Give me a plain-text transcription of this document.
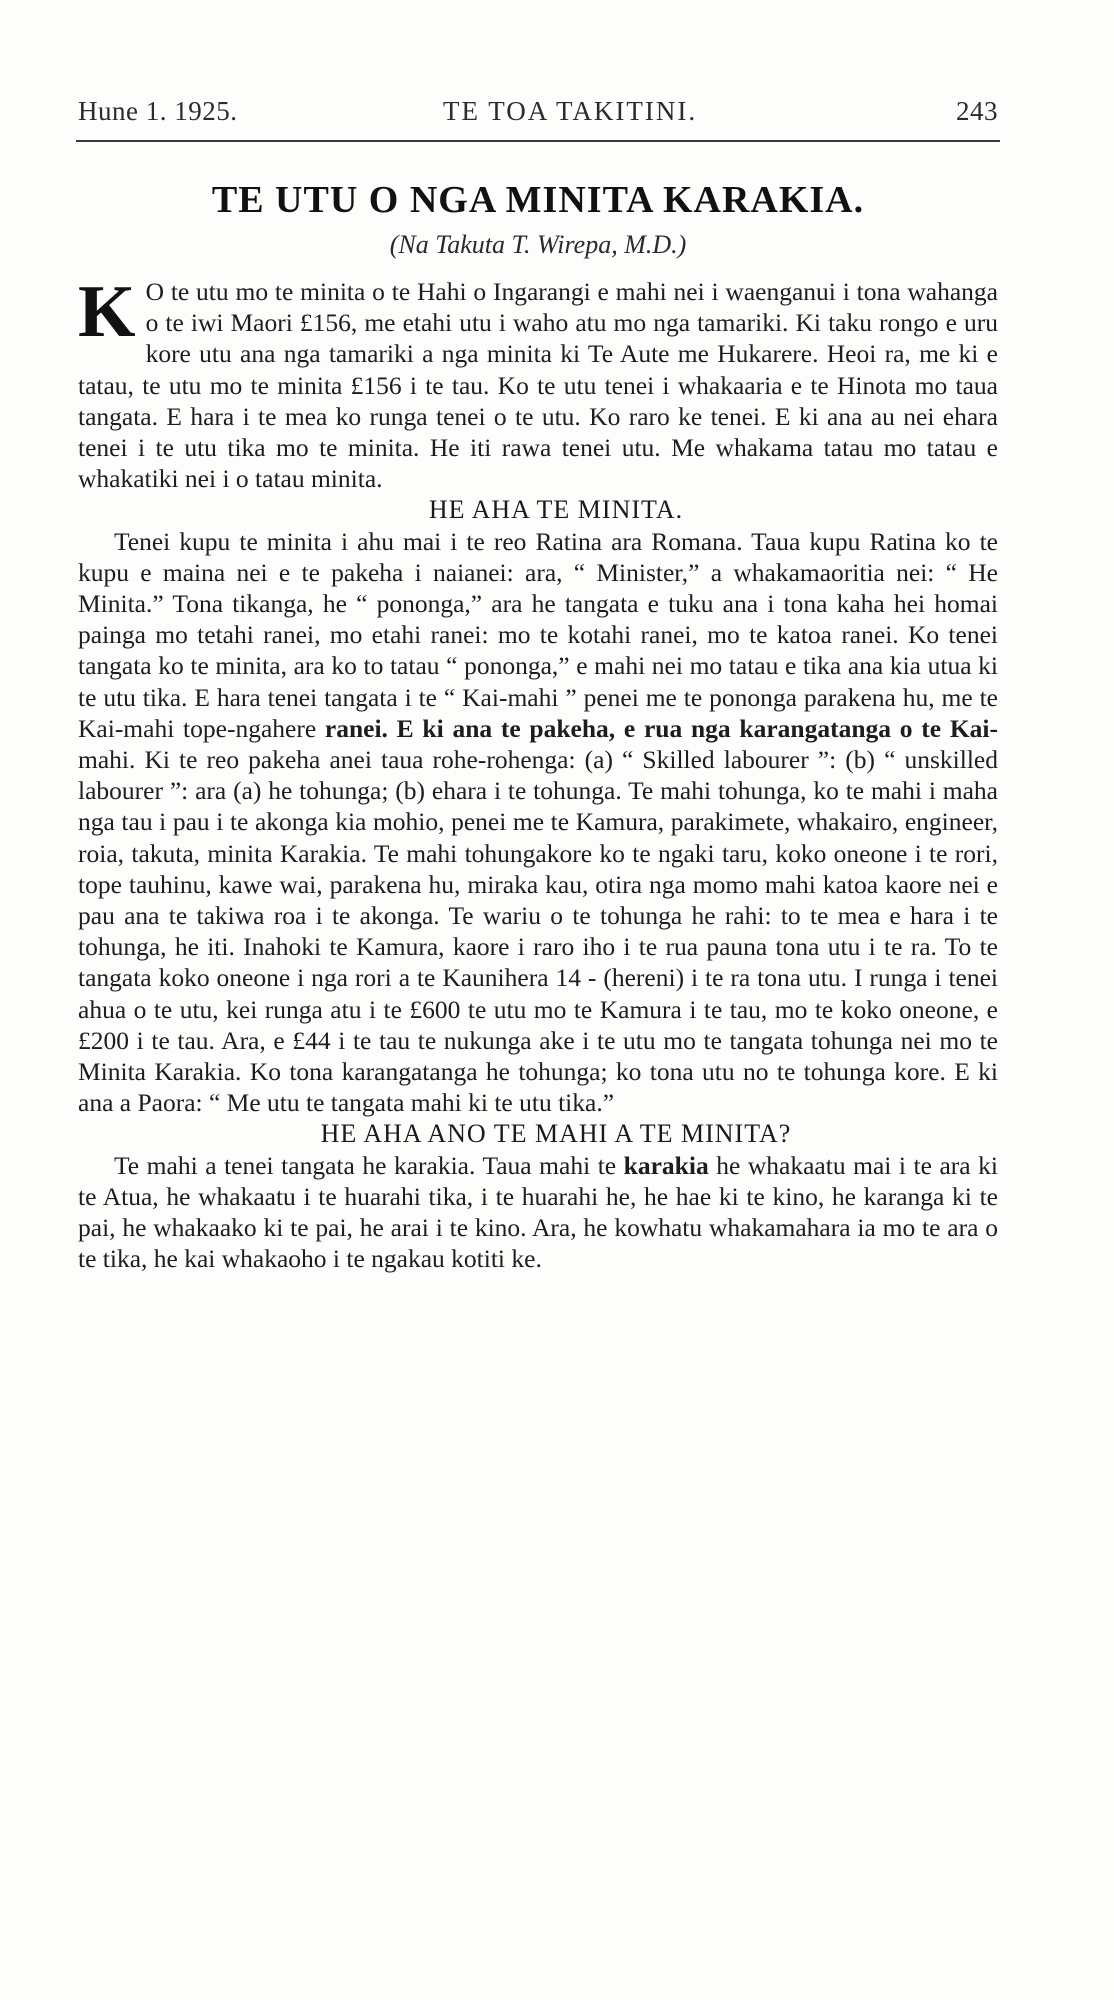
Hune 1. 1925.	TE TOA TAKITINI.	243
TE UTU O NGA MINITA KARAKIA.
(Na Takuta T. Wirepa, M.D.)

K O te utu mo te minita o te Hahi o Ingarangi e mahi nei i waenganui i tona wahanga o te iwi Maori £156, me etahi utu i waho atu mo nga tamariki. Ki taku rongo e uru kore utu ana nga tamariki a nga minita ki Te Aute me Hukarere. Heoi ra, me ki e tatau, te utu mo te minita £156 i te tau. Ko te utu tenei i whakaaria e te Hinota mo taua tangata. E hara i te mea ko runga tenei o te utu. Ko raro ke tenei. E ki ana au nei ehara tenei i te utu tika mo te minita. He iti rawa tenei utu. Me whakama tatau mo tatau e whakatiki nei i o tatau minita.

HE AHA TE MINITA.

Tenei kupu te minita i ahu mai i te reo Ratina ara Romana. Taua kupu Ratina ko te kupu e maina nei e te pakeha i naianei: ara, “ Minister,” a whakamaoritia nei: “ He Minita.” Tona tikanga, he “ pononga,” ara he tangata e tuku ana i tona kaha hei homai painga mo tetahi ranei, mo etahi ranei: mo te kotahi ranei, mo te katoa ranei. Ko tenei tangata ko te minita, ara ko to tatau “ pononga,” e mahi nei mo tatau e tika ana kia utua ki te utu tika. E hara tenei tangata i te “ Kai-mahi ” penei me te pononga parakena hu, me te Kai-mahi tope-ngahere ranei. E ki ana te pakeha, e rua nga karangatanga o te Kai- mahi. Ki te reo pakeha anei taua rohe-rohenga: (a) “ Skilled labourer ”: (b) “ unskilled labourer ”: ara (a) he tohunga; (b) ehara i te tohunga. Te mahi tohunga, ko te mahi i maha nga tau i pau i te akonga kia mohio, penei me te Kamura, parakimete, whakairo, engineer, roia, takuta, minita Karakia. Te mahi tohungakore ko te ngaki taru, koko oneone i te rori, tope tauhinu, kawe wai, parakena hu, miraka kau, otira nga momo mahi katoa kaore nei e pau ana te takiwa roa i te akonga. Te wariu o te tohunga he rahi: to te mea e hara i te tohunga, he iti. Inahoki te Kamura, kaore i raro iho i te rua pauna tona utu i te ra. To te tangata koko oneone i nga rori a te Kaunihera 14 - (hereni) i te ra tona utu. I runga i tenei ahua o te utu, kei runga atu i te £600 te utu mo te Kamura i te tau, mo te koko oneone, e £200 i te tau. Ara, e £44 i te tau te nukunga ake i te utu mo te tangata tohunga nei mo te Minita Karakia. Ko tona karangatanga he tohunga; ko tona utu no te tohunga kore. E ki ana a Paora: “ Me utu te tangata mahi ki te utu tika.”

HE AHA ANO TE MAHI A TE MINITA?

Te mahi a tenei tangata he karakia. Taua mahi te karakia he whakaatu mai i te ara ki te Atua, he whakaatu i te huarahi tika, i te huarahi he, he hae ki te kino, he karanga ki te pai, he whakaako ki te pai, he arai i te kino. Ara, he kowhatu whakamahara ia mo te ara o te tika, he kai whakaoho i te ngakau kotiti ke.
